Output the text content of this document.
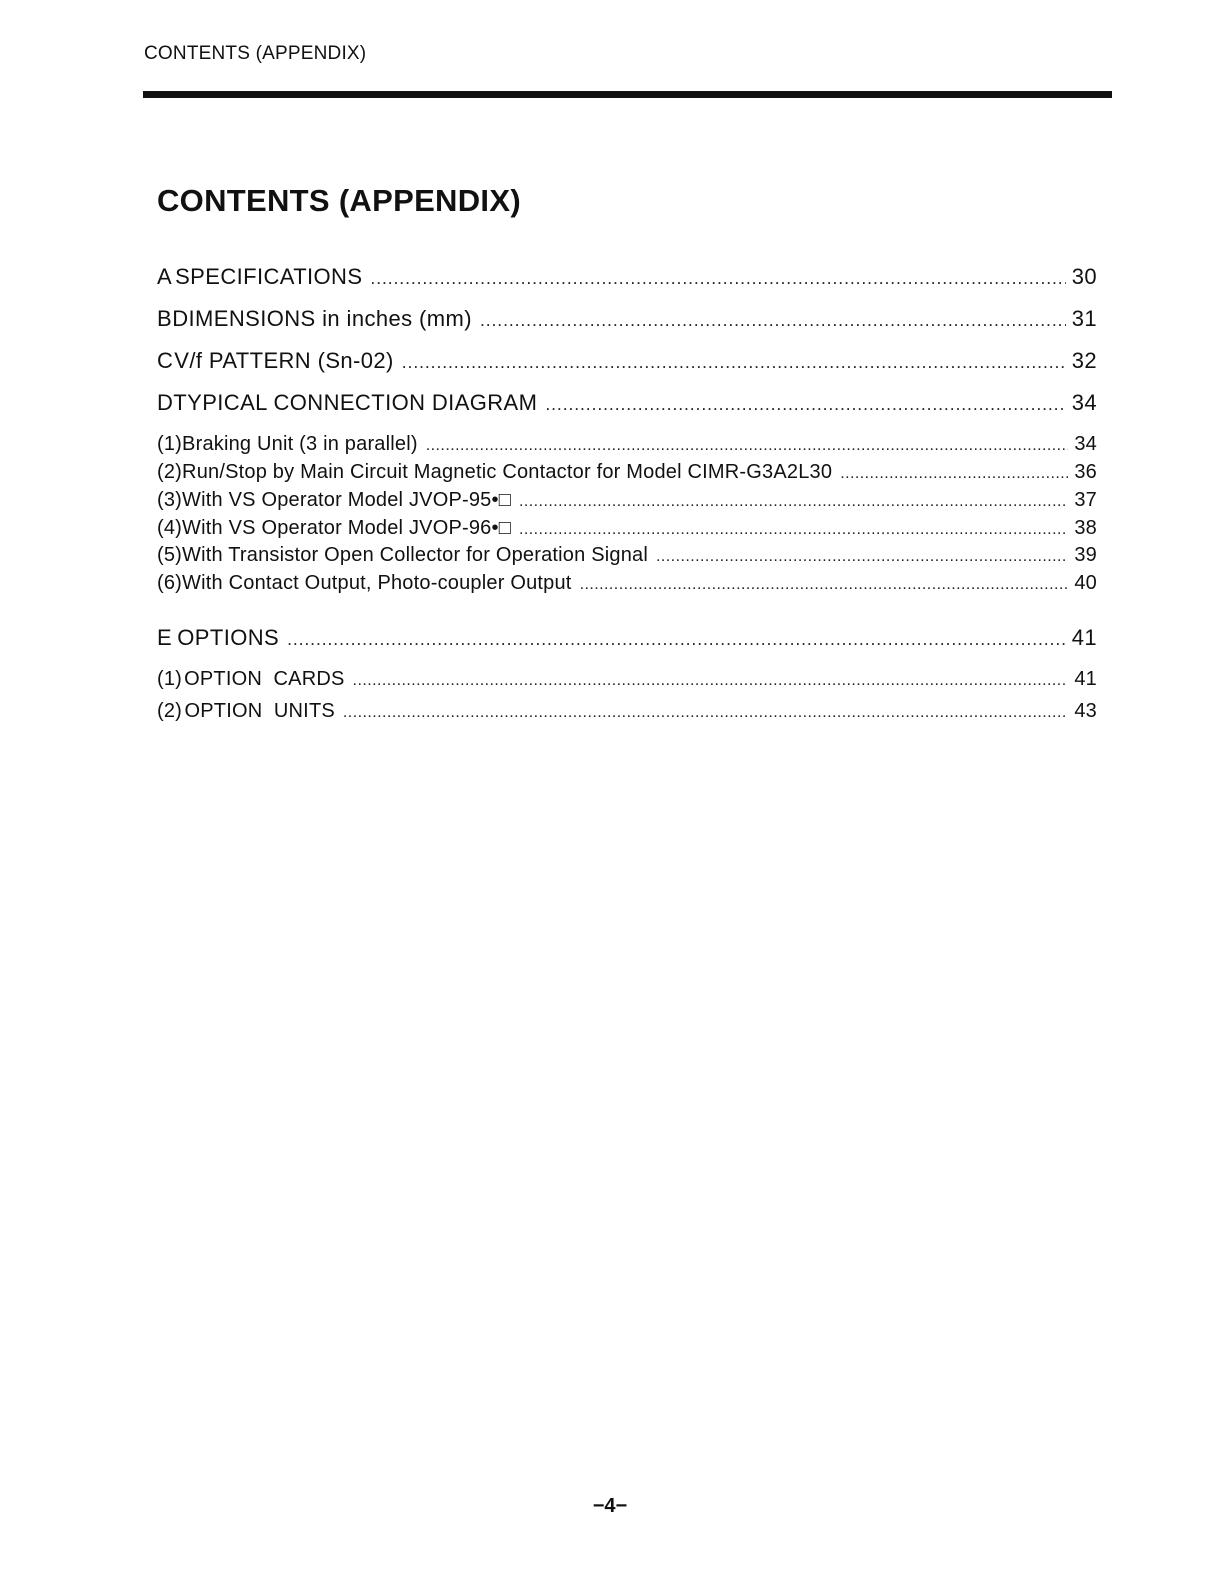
CONTENTS (APPENDIX)
CONTENTS (APPENDIX)
A SPECIFICATIONS . . .	30
B DIMENSIONS in inches (mm) . . .	31
C V/f PATTERN (Sn-02) . . .	32
D TYPICAL CONNECTION DIAGRAM . . .	34
(1) Braking Unit (3 in parallel) . . .	34
(2) Run/Stop by Main Circuit Magnetic Contactor for Model CIMR-G3A2L30 . . .	36
(3) With VS Operator Model JVOP-95•□ . . .	37
(4) With VS Operator Model JVOP-96•□ . . .	38
(5) With Transistor Open Collector for Operation Signal . . .	39
(6) With Contact Output, Photo-coupler Output . . .	40
E OPTIONS . . .	41
(1) OPTION  CARDS . . .	41
(2) OPTION  UNITS . . .	43
−4−
